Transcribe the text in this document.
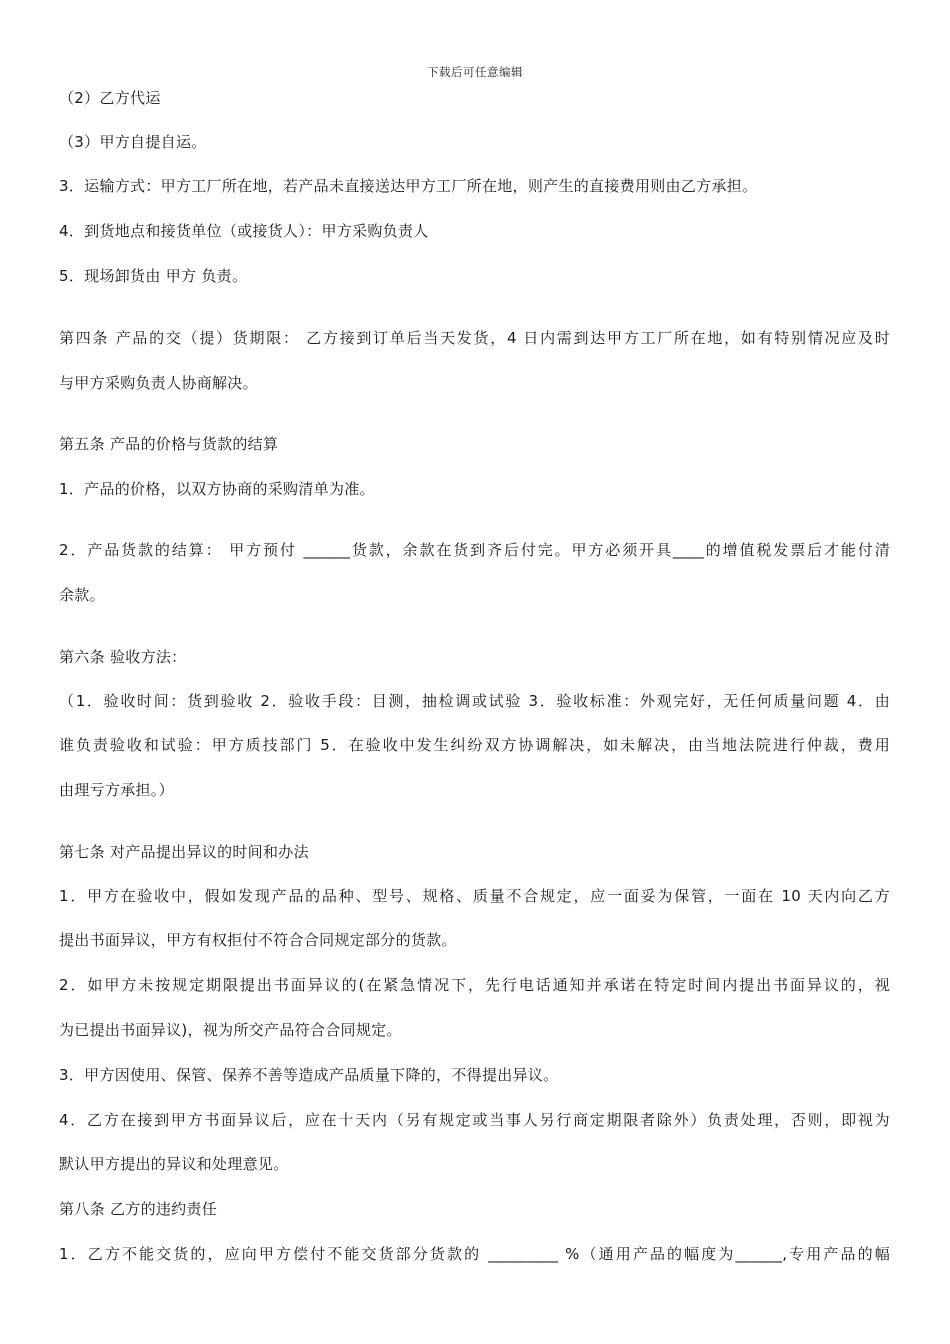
下载后可任意编辑
（2）乙方代运
（3）甲方自提自运。
3．运输方式：甲方工厂所在地，若产品未直接送达甲方工厂所在地，则产生的直接费用则由乙方承担。
4．到货地点和接货单位（或接货人）：甲方采购负责人
5．现场卸货由 甲方 负责。
第四条 产品的交（提）货期限： 乙方接到订单后当天发货，4 日内需到达甲方工厂所在地，如有特别情况应及时
与甲方采购负责人协商解决。
第五条 产品的价格与货款的结算
1．产品的价格，以双方协商的采购清单为准。
2．产品货款的结算： 甲方预付 ______货款，余款在货到齐后付完。甲方必须开具____的增值税发票后才能付清
余款。
第六条 验收方法：
（1．验收时间：货到验收 2．验收手段：目测，抽检调或试验 3．验收标准：外观完好，无任何质量问题 4．由
谁负责验收和试验：甲方质技部门 5．在验收中发生纠纷双方协调解决，如未解决，由当地法院进行仲裁，费用
由理亏方承担。）
第七条 对产品提出异议的时间和办法
1．甲方在验收中，假如发现产品的品种、型号、规格、质量不合规定，应一面妥为保管，一面在 10 天内向乙方
提出书面异议，甲方有权拒付不符合合同规定部分的货款。
2．如甲方未按规定期限提出书面异议的(在紧急情况下，先行电话通知并承诺在特定时间内提出书面异议的，视
为已提出书面异议)，视为所交产品符合合同规定。
3．甲方因使用、保管、保养不善等造成产品质量下降的，不得提出异议。
4．乙方在接到甲方书面异议后，应在十天内（另有规定或当事人另行商定期限者除外）负责处理，否则，即视为
默认甲方提出的异议和处理意见。
第八条 乙方的违约责任
1．乙方不能交货的，应向甲方偿付不能交货部分货款的 _________ %（通用产品的幅度为______,专用产品的幅
